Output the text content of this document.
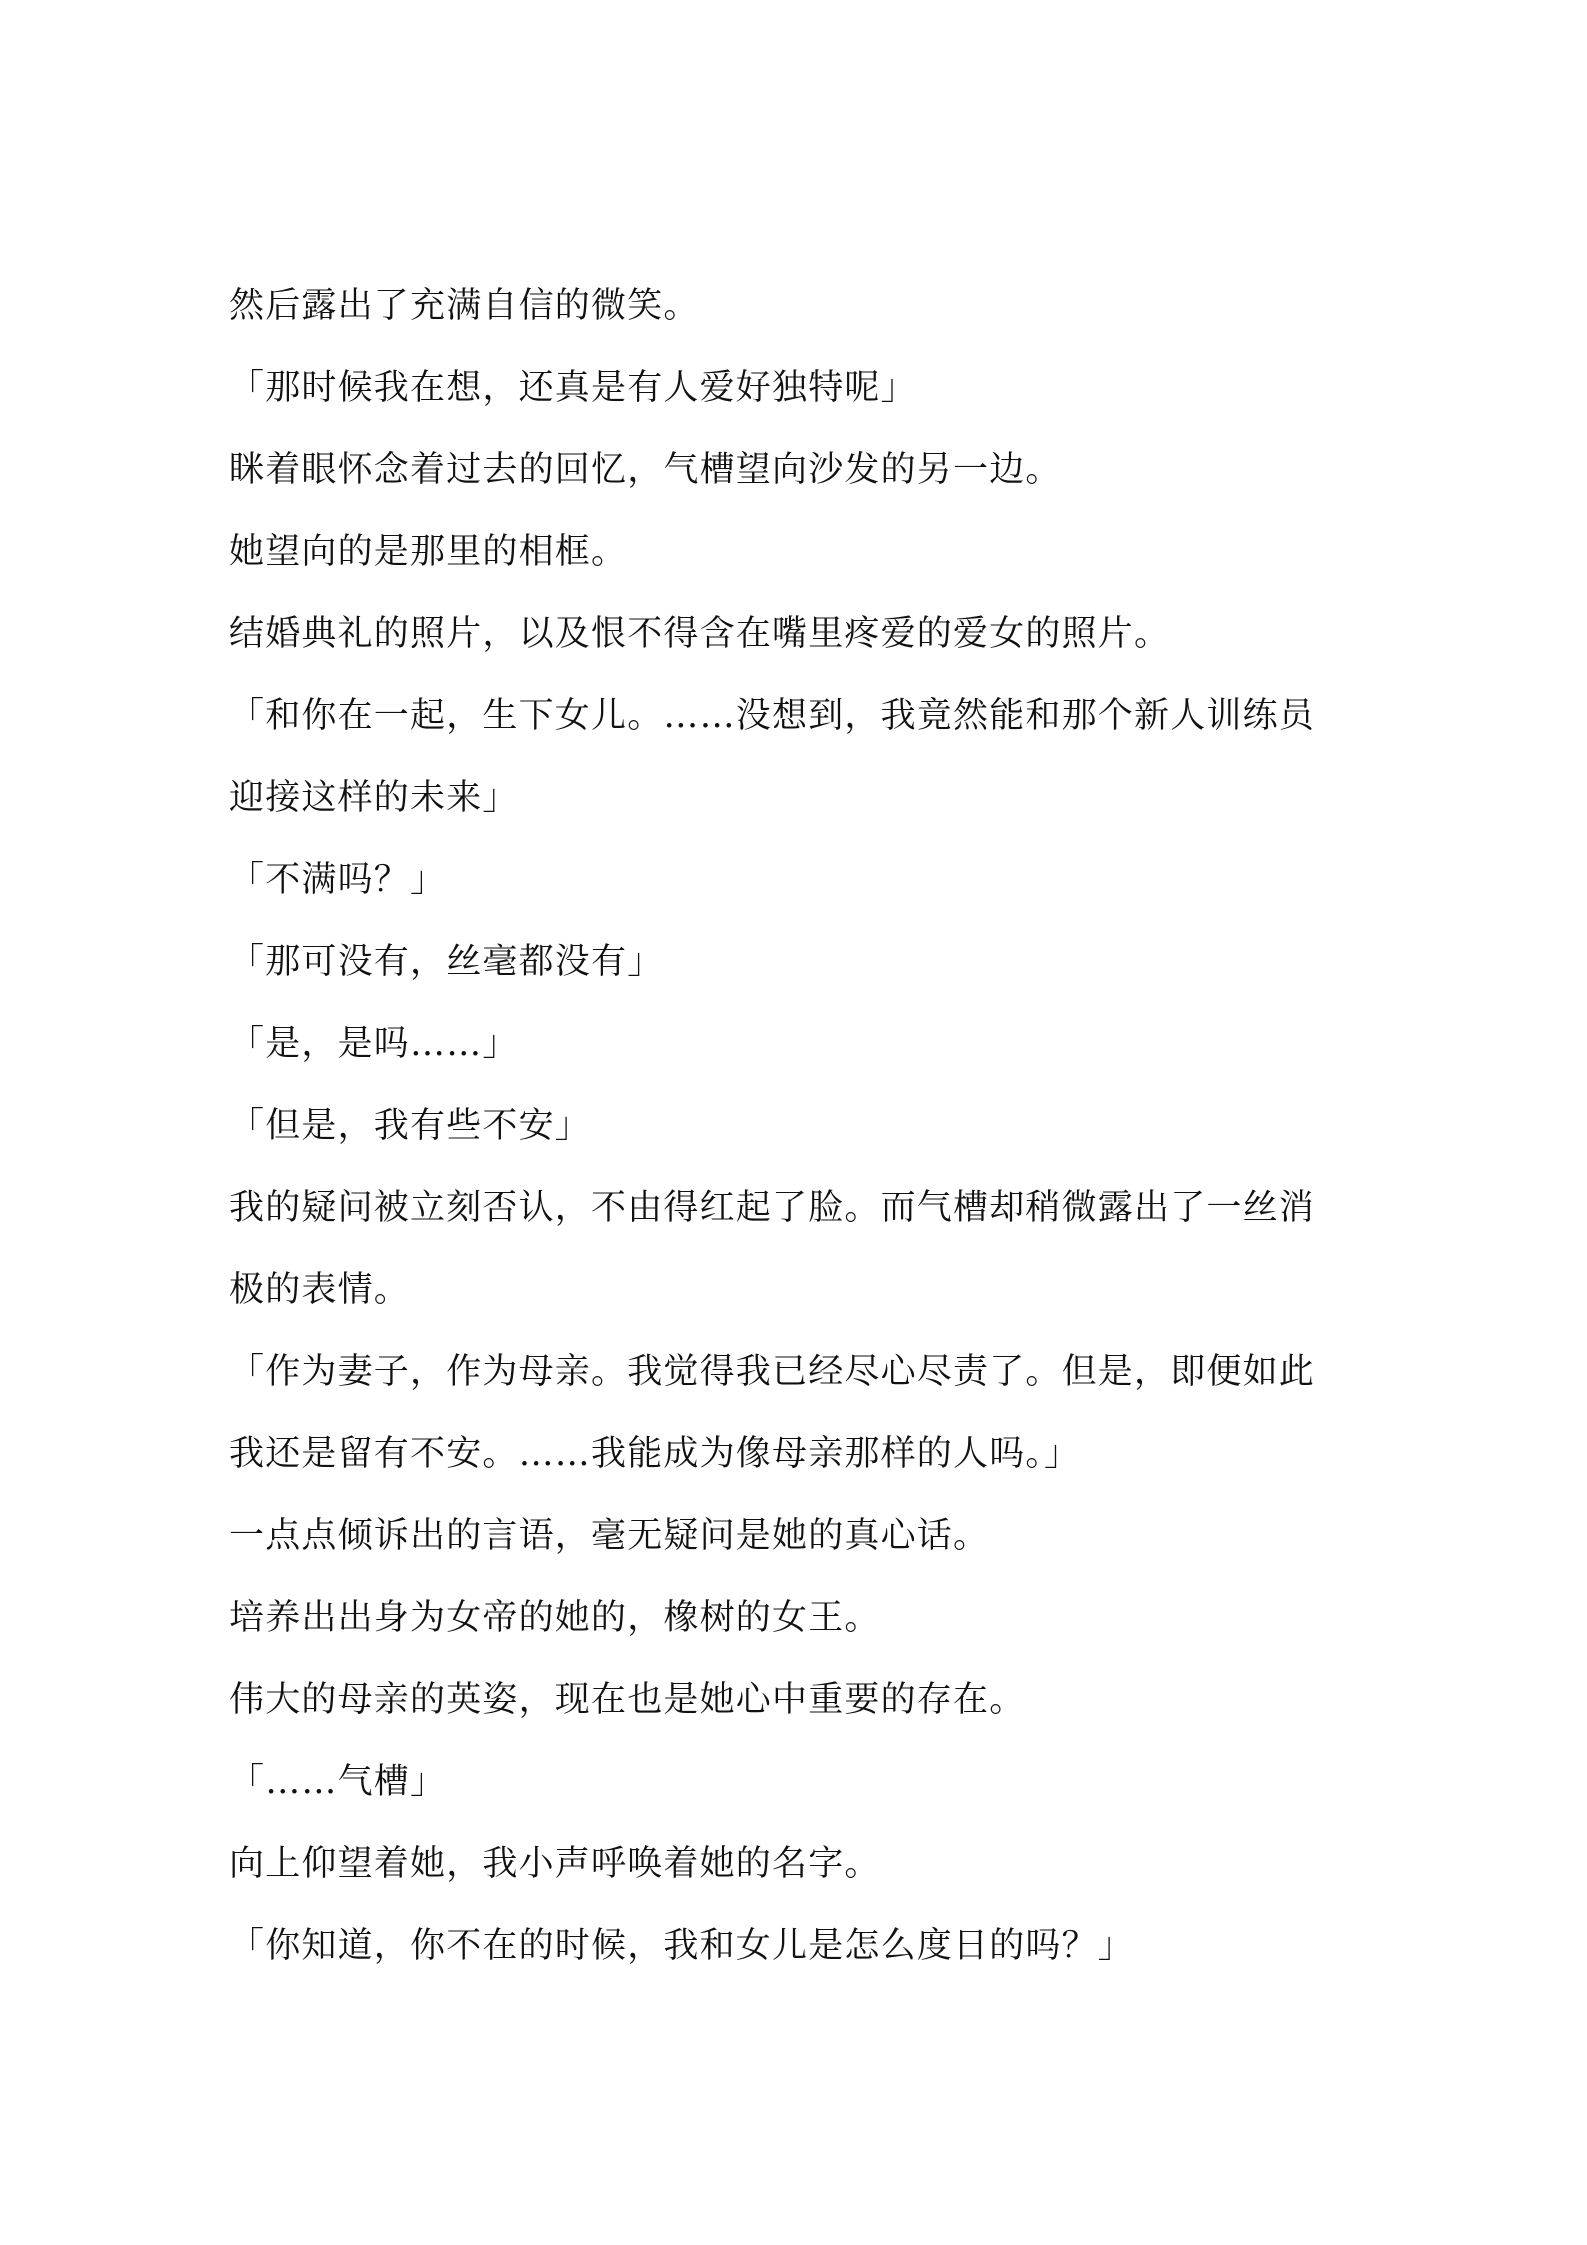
然后露出了充满自信的微笑。
「那时候我在想，还真是有人爱好独特呢」
眯着眼怀念着过去的回忆，气槽望向沙发的另一边。
她望向的是那里的相框。
结婚典礼的照片，以及恨不得含在嘴里疼爱的爱女的照片。
「和你在一起，生下女儿。……没想到，我竟然能和那个新人训练员
迎接这样的未来」
「不满吗？」
「那可没有，丝毫都没有」
「是，是吗……」
「但是，我有些不安」
我的疑问被立刻否认，不由得红起了脸。而气槽却稍微露出了一丝消
极的表情。
「作为妻子，作为母亲。我觉得我已经尽心尽责了。但是，即便如此
我还是留有不安。……我能成为像母亲那样的人吗。」
一点点倾诉出的言语，毫无疑问是她的真心话。
培养出出身为女帝的她的，橡树的女王。
伟大的母亲的英姿，现在也是她心中重要的存在。
「……气槽」
向上仰望着她，我小声呼唤着她的名字。
「你知道，你不在的时候，我和女儿是怎么度日的吗？」
